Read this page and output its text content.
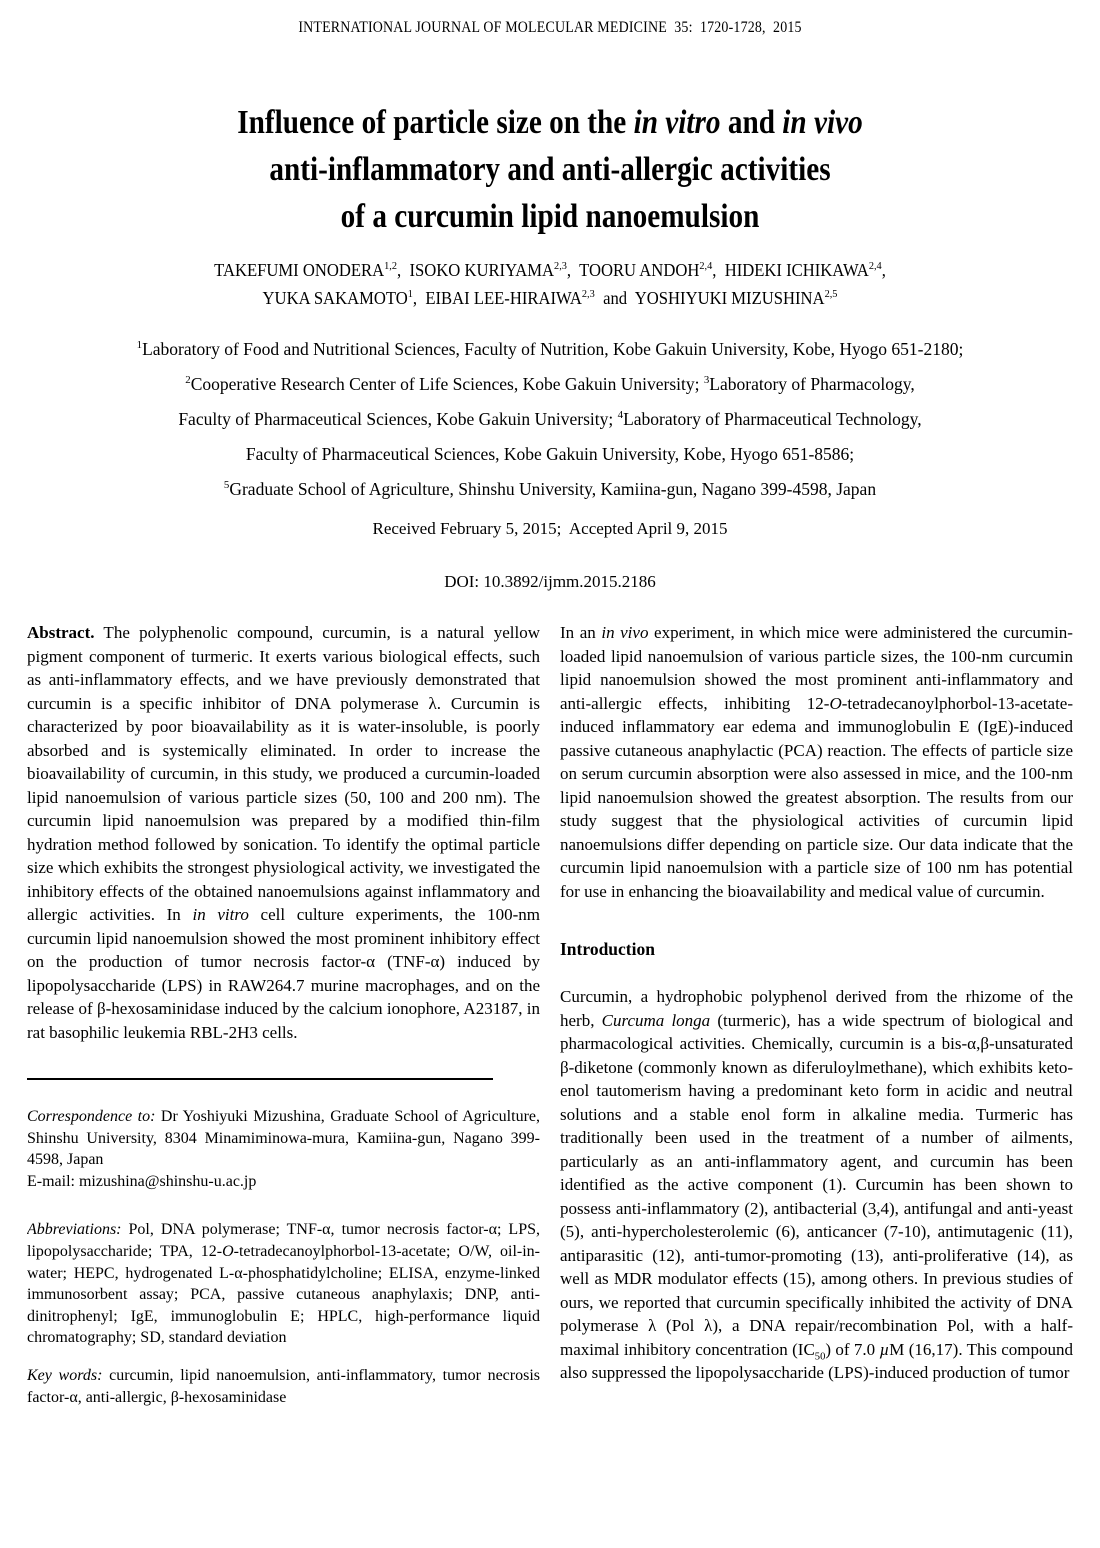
INTERNATIONAL JOURNAL OF MOLECULAR MEDICINE  35:  1720-1728,  2015
Influence of particle size on the in vitro and in vivo
anti-inflammatory and anti-allergic activities
of a curcumin lipid nanoemulsion
TAKEFUMI ONODERA$^{1,2}$,  ISOKO KURIYAMA$^{2,3}$,  TOORU ANDOH$^{2,4}$,  HIDEKI ICHIKAWA$^{2,4}$,
YUKA SAKAMOTO$^1$,  EIBAI LEE-HIRAIWA$^{2,3}$  and  YOSHIYUKI MIZUSHINA$^{2,5}$
$^1$Laboratory of Food and Nutritional Sciences, Faculty of Nutrition, Kobe Gakuin University, Kobe, Hyogo 651-2180;
$^2$Cooperative Research Center of Life Sciences, Kobe Gakuin University; $^3$Laboratory of Pharmacology,
Faculty of Pharmaceutical Sciences, Kobe Gakuin University; $^4$Laboratory of Pharmaceutical Technology,
Faculty of Pharmaceutical Sciences, Kobe Gakuin University, Kobe, Hyogo 651-8586;
$^5$Graduate School of Agriculture, Shinshu University, Kamiina-gun, Nagano 399-4598, Japan
Received February 5, 2015;  Accepted April 9, 2015
DOI: 10.3892/ijmm.2015.2186

Abstract. The polyphenolic compound, curcumin, is a natural yellow pigment component of turmeric. It exerts various biological effects, such as anti-inflammatory effects, and we have previously demonstrated that curcumin is a specific inhibitor of DNA polymerase λ. Curcumin is characterized by poor bioavailability as it is water-insoluble, is poorly absorbed and is systemically eliminated. In order to increase the bioavailability of curcumin, in this study, we produced a curcumin-loaded lipid nanoemulsion of various particle sizes (50, 100 and 200 nm). The curcumin lipid nanoemulsion was prepared by a modified thin-film hydration method followed by sonication. To identify the optimal particle size which exhibits the strongest physiological activity, we investigated the inhibitory effects of the obtained nanoemulsions against inflammatory and allergic activities. In in vitro cell culture experiments, the 100-nm curcumin lipid nanoemulsion showed the most prominent inhibitory effect on the production of tumor necrosis factor-α (TNF-α) induced by lipopolysaccharide (LPS) in RAW264.7 murine macrophages, and on the release of β-hexosaminidase induced by the calcium ionophore, A23187, in rat basophilic leukemia RBL-2H3 cells.

Correspondence to: Dr Yoshiyuki Mizushina, Graduate School of Agriculture, Shinshu University, 8304 Minamiminowa-mura, Kamiina-gun, Nagano 399-4598, Japan

E-mail: mizushina@shinshu-u.ac.jp

Abbreviations: Pol, DNA polymerase; TNF-α, tumor necrosis factor-α; LPS, lipopolysaccharide; TPA, 12-O-tetradecanoylphorbol-13-acetate; O/W, oil-in-water; HEPC, hydrogenated L-α-phosphatidylcholine; ELISA, enzyme-linked immunosorbent assay; PCA, passive cutaneous anaphylaxis; DNP, anti-dinitrophenyl; IgE, immunoglobulin E; HPLC, high-performance liquid chromatography; SD, standard deviation

Key words: curcumin, lipid nanoemulsion, anti-inflammatory, tumor necrosis factor-α, anti-allergic, β-hexosaminidase

In an in vivo experiment, in which mice were administered the curcumin-loaded lipid nanoemulsion of various particle sizes, the 100-nm curcumin lipid nanoemulsion showed the most prominent anti-inflammatory and anti-allergic effects, inhibiting 12-O-tetradecanoylphorbol-13-acetate-induced inflammatory ear edema and immunoglobulin E (IgE)-induced passive cutaneous anaphylactic (PCA) reaction. The effects of particle size on serum curcumin absorption were also assessed in mice, and the 100-nm lipid nanoemulsion showed the greatest absorption. The results from our study suggest that the physiological activities of curcumin lipid nanoemulsions differ depending on particle size. Our data indicate that the curcumin lipid nanoemulsion with a particle size of 100 nm has potential for use in enhancing the bioavailability and medical value of curcumin.

Introduction

Curcumin, a hydrophobic polyphenol derived from the rhizome of the herb, Curcuma longa (turmeric), has a wide spectrum of biological and pharmacological activities. Chemically, curcumin is a bis-α,β-unsaturated β-diketone (commonly known as diferuloylmethane), which exhibits keto-enol tautomerism having a predominant keto form in acidic and neutral solutions and a stable enol form in alkaline media. Turmeric has traditionally been used in the treatment of a number of ailments, particularly as an anti-inflammatory agent, and curcumin has been identified as the active component (1). Curcumin has been shown to possess anti-inflammatory (2), antibacterial (3,4), antifungal and anti-yeast (5), anti-hypercholesterolemic (6), anticancer (7-10), antimutagenic (11), antiparasitic (12), anti-tumor-promoting (13), anti-proliferative (14), as well as MDR modulator effects (15), among others. In previous studies of ours, we reported that curcumin specifically inhibited the activity of DNA polymerase λ (Pol λ), a DNA repair/recombination Pol, with a half-maximal inhibitory concentration $(IC_{50})$ of 7.0 µM (16,17). This compound also suppressed the lipopolysaccharide (LPS)-induced production of tumor
